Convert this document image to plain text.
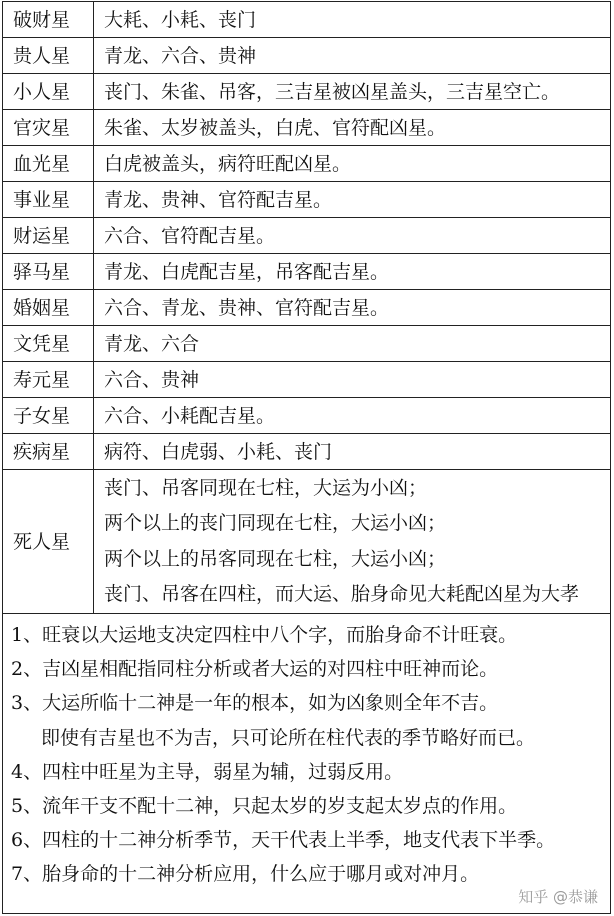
破财星	大耗、小耗、丧门
贵人星	青龙、六合、贵神
小人星	丧门、朱雀、吊客，三吉星被凶星盖头，三吉星空亡。
官灾星	朱雀、太岁被盖头，白虎、官符配凶星。
血光星	白虎被盖头，病符旺配凶星。
事业星	青龙、贵神、官符配吉星。
财运星	六合、官符配吉星。
驿马星	青龙、白虎配吉星，吊客配吉星。
婚姻星	六合、青龙、贵神、官符配吉星。
文凭星	青龙、六合
寿元星	六合、贵神
子女星	六合、小耗配吉星。
疾病星	病符、白虎弱、小耗、丧门
死人星	丧门、吊客同现在七柱，大运为小凶；
两个以上的丧门同现在七柱，大运小凶；
两个以上的吊客同现在七柱，大运小凶；
丧门、吊客在四柱，而大运、胎身命见大耗配凶星为大孝
1、旺衰以大运地支决定四柱中八个字，而胎身命不计旺衰。
2、吉凶星相配指同柱分析或者大运的对四柱中旺神而论。
3、大运所临十二神是一年的根本，如为凶象则全年不吉。
即使有吉星也不为吉，只可论所在柱代表的季节略好而已。
4、四柱中旺星为主导，弱星为辅，过弱反用。
5、流年干支不配十二神，只起太岁的岁支起太岁点的作用。
6、四柱的十二神分析季节，天干代表上半季，地支代表下半季。
7、胎身命的十二神分析应用，什么应于哪月或对冲月。
知乎 @恭谦
